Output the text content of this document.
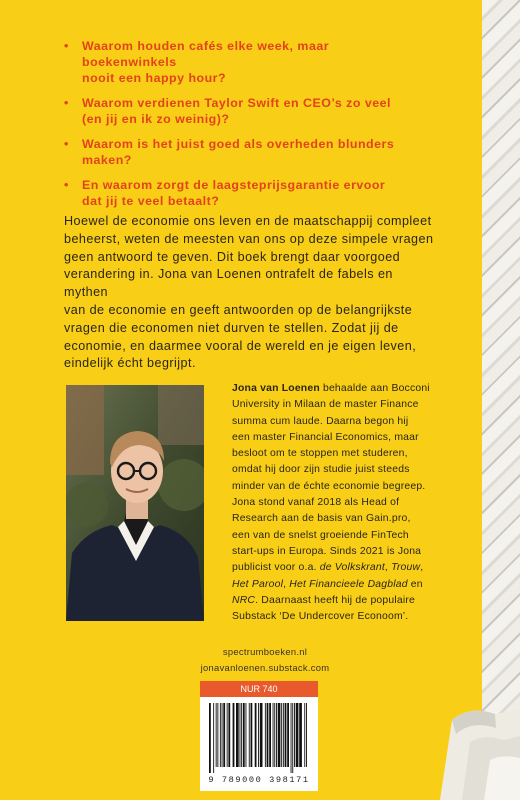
• Waarom houden cafés elke week, maar boekenwinkels
nooit een happy hour?
• Waarom verdienen Taylor Swift en CEO’s zo veel
(en jij en ik zo weinig)?
• Waarom is het juist goed als overheden blunders maken?
• En waarom zorgt de laagsteprijsgarantie ervoor
dat jij te veel betaalt?

Hoewel de economie ons leven en de maatschappij compleet
beheerst, weten de meesten van ons op deze simpele vragen
geen antwoord te geven. Dit boek brengt daar voorgoed
verandering in. Jona van Loenen ontrafelt de fabels en mythen
van de economie en geeft antwoorden op de belangrijkste
vragen die economen niet durven te stellen. Zodat jij de
economie, en daarmee vooral de wereld en je eigen leven,
eindelijk écht begrijpt.

Jona van Loenen behaalde aan Bocconi
University in Milaan de master Finance
summa cum laude. Daarna begon hij
een master Financial Economics, maar
besloot om te stoppen met studeren,
omdat hij door zijn studie juist steeds
minder van de échte economie begreep.
Jona stond vanaf 2018 als Head of
Research aan de basis van Gain.pro,
een van de snelst groeiende FinTech
start-ups in Europa. Sinds 2021 is Jona
publicist voor o.a. de Volkskrant, Trouw,
Het Parool, Het Financieele Dagblad en
NRC. Daarnaast heeft hij de populaire
Substack ‘De Undercover Econoom’.

spectrumboeken.nl
jonavanloenen.substack.com
NUR 740
9 789000 398171
